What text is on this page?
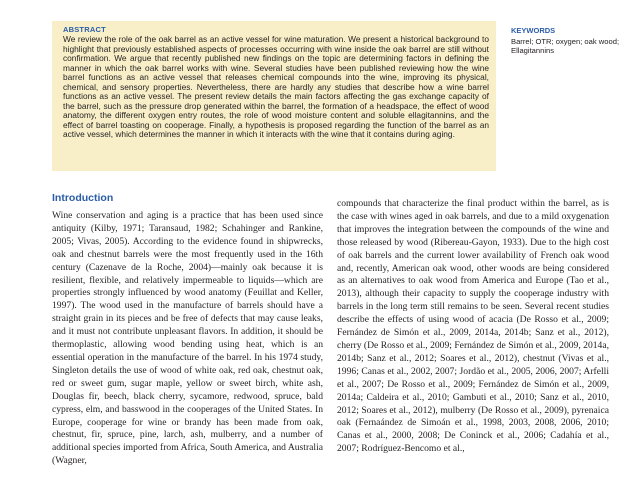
ABSTRACT

We review the role of the oak barrel as an active vessel for wine maturation. We present a historical background to highlight that previously established aspects of processes occurring with wine inside the oak barrel are still without confirmation. We argue that recently published new findings on the topic are determining factors in defining the manner in which the oak barrel works with wine. Several studies have been published reviewing how the wine barrel functions as an active vessel that releases chemical compounds into the wine, improving its physical, chemical, and sensory properties. Nevertheless, there are hardly any studies that describe how a wine barrel functions as an active vessel. The present review details the main factors affecting the gas exchange capacity of the barrel, such as the pressure drop generated within the barrel, the formation of a headspace, the effect of wood anatomy, the different oxygen entry routes, the role of wood moisture content and soluble ellagitannins, and the effect of barrel toasting on cooperage. Finally, a hypothesis is proposed regarding the function of the barrel as an active vessel, which determines the manner in which it interacts with the wine that it contains during aging.

KEYWORDS

Barrel; OTR; oxygen; oak wood; Ellagitannins

Introduction

Wine conservation and aging is a practice that has been used since antiquity (Kilby, 1971; Taransaud, 1982; Schahinger and Rankine, 2005; Vivas, 2005). According to the evidence found in shipwrecks, oak and chestnut barrels were the most frequently used in the 16th century (Cazenave de la Roche, 2004)—mainly oak because it is resilient, flexible, and relatively impermeable to liquids—which are properties strongly influenced by wood anatomy (Feuillat and Keller, 1997). The wood used in the manufacture of barrels should have a straight grain in its pieces and be free of defects that may cause leaks, and it must not contribute unpleasant flavors. In addition, it should be thermoplastic, allowing wood bending using heat, which is an essential operation in the manufacture of the barrel. In his 1974 study, Singleton details the use of wood of white oak, red oak, chestnut oak, red or sweet gum, sugar maple, yellow or sweet birch, white ash, Douglas fir, beech, black cherry, sycamore, redwood, spruce, bald cypress, elm, and basswood in the cooperages of the United States. In Europe, cooperage for wine or brandy has been made from oak, chestnut, fir, spruce, pine, larch, ash, mulberry, and a number of additional species imported from Africa, South America, and Australia (Wagner,

compounds that characterize the final product within the barrel, as is the case with wines aged in oak barrels, and due to a mild oxygenation that improves the integration between the compounds of the wine and those released by wood (Ribereau-Gayon, 1933). Due to the high cost of oak barrels and the current lower availability of French oak wood and, recently, American oak wood, other woods are being considered as an alternatives to oak wood from America and Europe (Tao et al., 2013), although their capacity to supply the cooperage industry with barrels in the long term still remains to be seen. Several recent studies describe the effects of using wood of acacia (De Rosso et al., 2009; Fernández de Simón et al., 2009, 2014a, 2014b; Sanz et al., 2012), cherry (De Rosso et al., 2009; Fernández de Simón et al., 2009, 2014a, 2014b; Sanz et al., 2012; Soares et al., 2012), chestnut (Vivas et al., 1996; Canas et al., 2002, 2007; Jordão et al., 2005, 2006, 2007; Arfelli et al., 2007; De Rosso et al., 2009; Fernández de Simón et al., 2009, 2014a; Caldeira et al., 2010; Gambuti et al., 2010; Sanz et al., 2010, 2012; Soares et al., 2012), mulberry (De Rosso et al., 2009), pyrenaica oak (Fernaández de Simoán et al., 1998, 2003, 2008, 2006, 2010; Canas et al., 2000, 2008; De Coninck et al., 2006; Cadahía et al., 2007; Rodríguez-Bencomo et al.,
